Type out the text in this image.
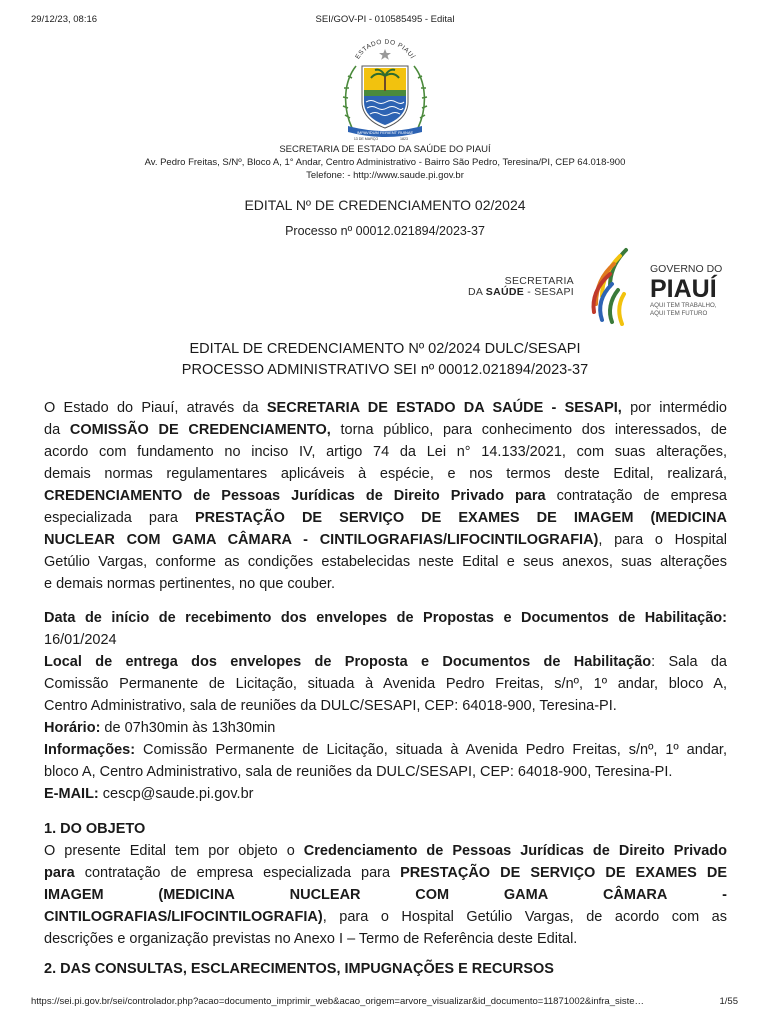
29/12/23, 08:16	SEI/GOV-PI - 010585495 - Edital
ESTADO DO PIAUÍ
IMPAVIDUM FERIENT RUINAE
13 DE MARÇO	1823
SECRETARIA DE ESTADO DA SAÚDE DO PIAUÍ
Av. Pedro Freitas, S/Nº, Bloco A, 1° Andar, Centro Administrativo - Bairro São Pedro, Teresina/PI, CEP 64.018-900
Telefone: - http://www.saude.pi.gov.br
EDITAL Nº DE CREDENCIAMENTO 02/2024
Processo nº 00012.021894/2023-37
SECRETARIA
DA SAÚDE - SESAPI
GOVERNO DO
PIAUÍ
AQUI TEM TRABALHO,
AQUI TEM FUTURO
EDITAL DE CREDENCIAMENTO Nº 02/2024 DULC/SESAPI
PROCESSO ADMINISTRATIVO SEI nº 00012.021894/2023-37
O Estado do Piauí, através da SECRETARIA DE ESTADO DA SAÚDE - SESAPI, por intermédio
da COMISSÃO DE CREDENCIAMENTO, torna público, para conhecimento dos interessados, de
acordo com fundamento no inciso IV, artigo 74 da Lei n° 14.133/2021, com suas alterações,
demais normas regulamentares aplicáveis à espécie, e nos termos deste Edital, realizará,
CREDENCIAMENTO de Pessoas Jurídicas de Direito Privado para contratação de empresa
especializada para PRESTAÇÃO DE SERVIÇO DE EXAMES DE IMAGEM (MEDICINA
NUCLEAR COM GAMA CÂMARA - CINTILOGRAFIAS/LIFOCINTILOGRAFIA), para o Hospital
Getúlio Vargas, conforme as condições estabelecidas neste Edital e seus anexos, suas alterações
e demais normas pertinentes, no que couber.
Data de início de recebimento dos envelopes de Propostas e Documentos de Habilitação:
16/01/2024
Local de entrega dos envelopes de Proposta e Documentos de Habilitação: Sala da
Comissão Permanente de Licitação, situada à Avenida Pedro Freitas, s/nº, 1º andar, bloco A,
Centro Administrativo, sala de reuniões da DULC/SESAPI, CEP: 64018-900, Teresina-PI.
Horário: de 07h30min às 13h30min
Informações: Comissão Permanente de Licitação, situada à Avenida Pedro Freitas, s/nº, 1º andar,
bloco A, Centro Administrativo, sala de reuniões da DULC/SESAPI, CEP: 64018-900, Teresina-PI.
E-MAIL: cescp@saude.pi.gov.br
1. DO OBJETO
O presente Edital tem por objeto o Credenciamento de Pessoas Jurídicas de Direito Privado
para contratação de empresa especializada para PRESTAÇÃO DE SERVIÇO DE EXAMES DE
IMAGEM	(MEDICINA	NUCLEAR	COM	GAMA	CÂMARA	-
CINTILOGRAFIAS/LIFOCINTILOGRAFIA), para o Hospital Getúlio Vargas, de acordo com as
descrições e organização previstas no Anexo I – Termo de Referência deste Edital.
2. DAS CONSULTAS, ESCLARECIMENTOS, IMPUGNAÇÕES E RECURSOS
https://sei.pi.gov.br/sei/controlador.php?acao=documento_imprimir_web&acao_origem=arvore_visualizar&id_documento=11871002&infra_siste…	1/55
